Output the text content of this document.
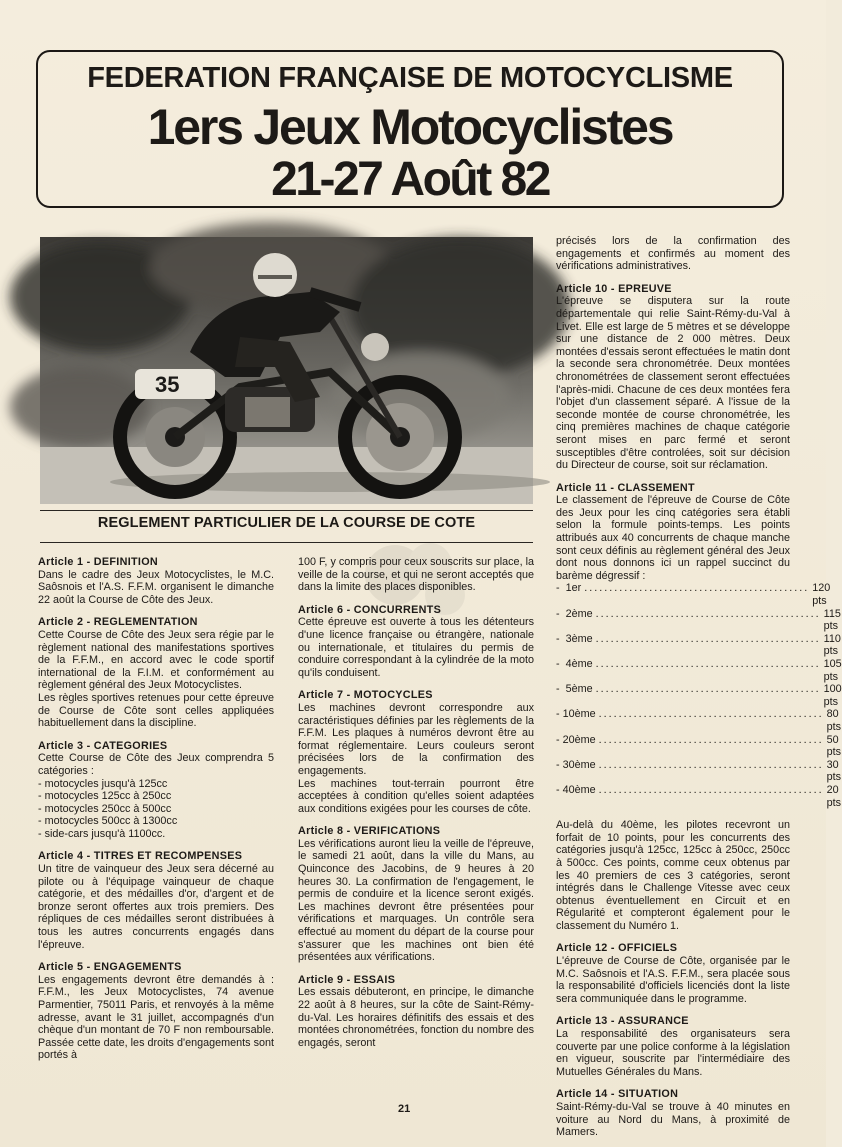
FEDERATION FRANÇAISE DE MOTOCYCLISME
1ers Jeux Motocyclistes
21-27 Août 82
35
REGLEMENT PARTICULIER DE LA COURSE DE COTE

Article 1 - DEFINITION

Dans le cadre des Jeux Motocyclistes, le M.C. Saôsnois et l'A.S. F.F.M. organisent le dimanche 22 août la Course de Côte des Jeux.

Article 2 - REGLEMENTATION

Cette Course de Côte des Jeux sera régie par le règlement national des manifestations sportives de la F.F.M., en accord avec le code sportif international de la F.I.M. et conformément au règlement général des Jeux Motocyclistes.

Les règles sportives retenues pour cette épreuve de Course de Côte sont celles appliquées habituellement dans la discipline.

Article 3 - CATEGORIES

Cette Course de Côte des Jeux comprendra 5 catégories :

- motocycles jusqu'à 125cc

- motocycles 125cc à 250cc

- motocycles 250cc à 500cc

- motocycles 500cc à 1300cc

- side-cars jusqu'à 1100cc.

Article 4 - TITRES ET RECOMPENSES

Un titre de vainqueur des Jeux sera décerné au pilote ou à l'équipage vainqueur de chaque catégorie, et des médailles d'or, d'argent et de bronze seront offertes aux trois premiers. Des répliques de ces médailles seront distribuées à tous les autres concurrents engagés dans l'épreuve.

Article 5 - ENGAGEMENTS

Les engagements devront être demandés à : F.F.M., les Jeux Motocyclistes, 74 avenue Parmentier, 75011 Paris, et renvoyés à la même adresse, avant le 31 juillet, accompagnés d'un chèque d'un montant de 70 F non remboursable. Passée cette date, les droits d'engagements sont portés à

100 F, y compris pour ceux souscrits sur place, la veille de la course, et qui ne seront acceptés que dans la limite des places disponibles.

Article 6 - CONCURRENTS

Cette épreuve est ouverte à tous les détenteurs d'une licence française ou étrangère, nationale ou internationale, et titulaires du permis de conduire correspondant à la cylindrée de la moto qu'ils conduisent.

Article 7 - MOTOCYCLES

Les machines devront correspondre aux caractéristiques définies par les règlements de la F.F.M. Les plaques à numéros devront être au format réglementaire. Leurs couleurs seront précisées lors de la confirmation des engagements.

Les machines tout-terrain pourront être acceptées à condition qu'elles soient adaptées aux conditions exigées pour les courses de côte.

Article 8 - VERIFICATIONS

Les vérifications auront lieu la veille de l'épreuve, le samedi 21 août, dans la ville du Mans, au Quinconce des Jacobins, de 9 heures à 20 heures 30. La confirmation de l'engagement, le permis de conduire et la licence seront exigés. Les machines devront être présentées pour vérifications et marquages. Un contrôle sera effectué au moment du départ de la course pour s'assurer que les machines ont bien été présentées aux vérifications.

Article 9 - ESSAIS

Les essais débuteront, en principe, le dimanche 22 août à 8 heures, sur la côte de Saint-Rémy-du-Val. Les horaires définitifs des essais et des montées chronométrées, fonction du nombre des engagés, seront

précisés lors de la confirmation des engagements et confirmés au moment des vérifications administratives.

Article 10 - EPREUVE

L'épreuve se disputera sur la route départementale qui relie Saint-Rémy-du-Val à Livet. Elle est large de 5 mètres et se développe sur une distance de 2 000 mètres. Deux montées d'essais seront effectuées le matin dont la seconde sera chronométrée. Deux montées chronométrées de classement seront effectuées l'après-midi. Chacune de ces deux montées fera l'objet d'un classement séparé. A l'issue de la seconde montée de course chronométrée, les cinq premières machines de chaque catégorie seront mises en parc fermé et seront susceptibles d'être controlées, soit sur décision du Directeur de course, soit sur réclamation.

Article 11 - CLASSEMENT

Le classement de l'épreuve de Course de Côte des Jeux pour les cinq catégories sera établi selon la formule points-temps. Les points attribués aux 40 concurrents de chaque manche sont ceux définis au règlement général des Jeux dont nous donnons ici un rappel succinct du barème dégressif :

-  1er ............................................. 120 pts
-  2ème ............................................. 115 pts
-  3ème ............................................. 110 pts
-  4ème ............................................. 105 pts
-  5ème ............................................. 100 pts
- 10ème ............................................. 80 pts
- 20ème ............................................. 50 pts
- 30ème ............................................. 30 pts
- 40ème ............................................. 20 pts

Au-delà du 40ème, les pilotes recevront un forfait de 10 points, pour les concurrents des catégories jusqu'à 125cc, 125cc à 250cc, 250cc à 500cc. Ces points, comme ceux obtenus par les 40 premiers de ces 3 catégories, seront intégrés dans le Challenge Vitesse avec ceux obtenus éventuellement en Circuit et en Régularité et compteront également pour le classement du Numéro 1.

Article 12 - OFFICIELS

L'épreuve de Course de Côte, organisée par le M.C. Saôsnois et l'A.S. F.F.M., sera placée sous la responsabilité d'officiels licenciés dont la liste sera communiquée dans le programme.

Article 13 - ASSURANCE

La responsabilité des organisateurs sera couverte par une police conforme à la législation en vigueur, souscrite par l'intermédiaire des Mutuelles Générales du Mans.

Article 14 - SITUATION

Saint-Rémy-du-Val se trouve à 40 minutes en voiture au Nord du Mans, à proximité de Mamers.

21
